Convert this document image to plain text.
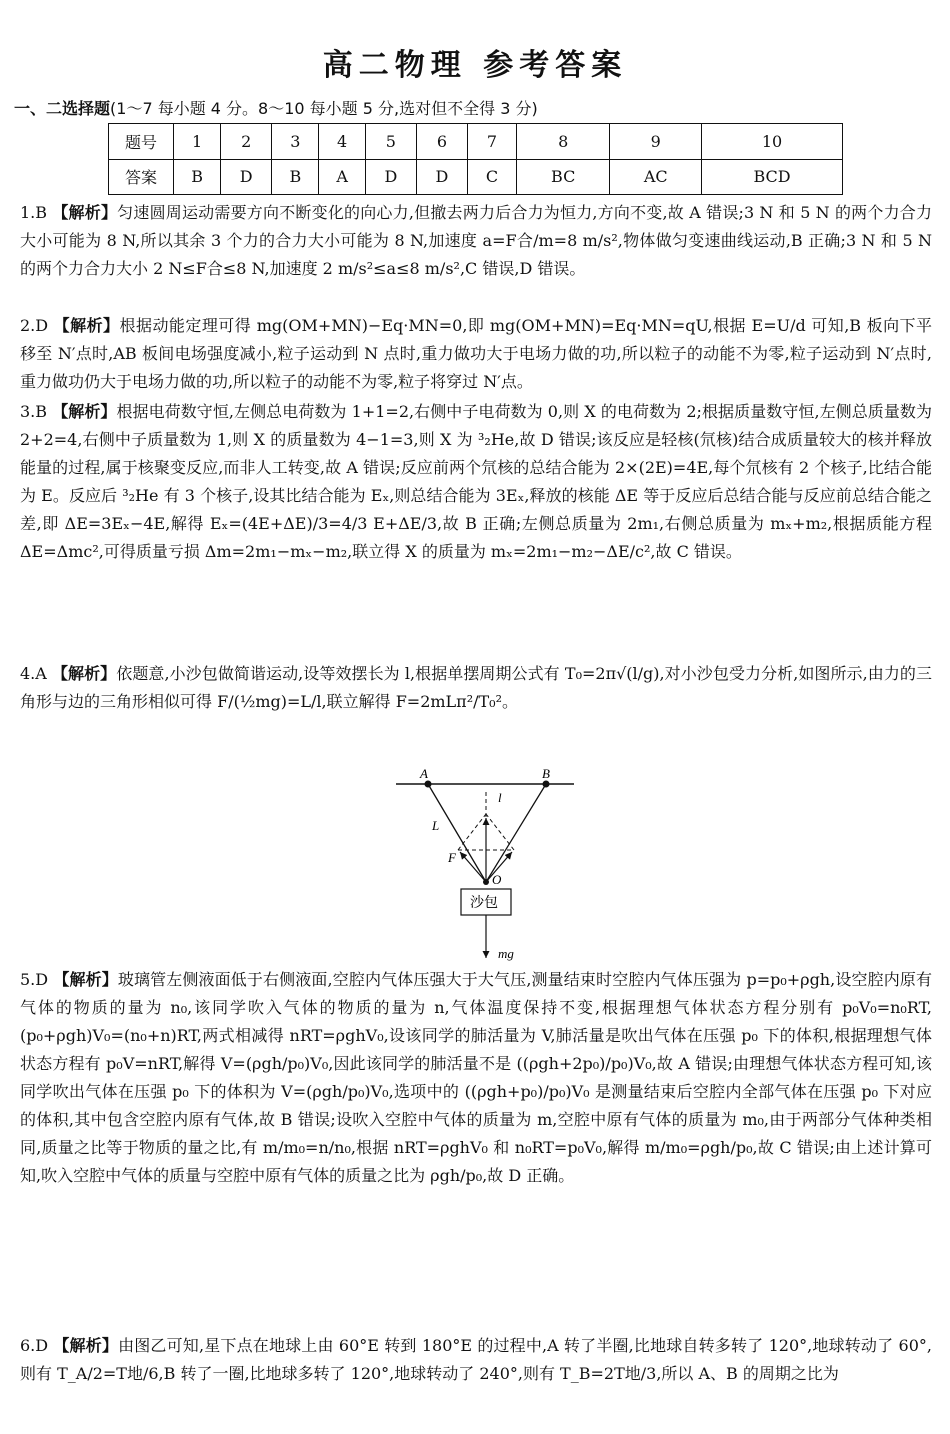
高二物理 参考答案
一、二选择题(1～7 每小题 4 分。8～10 每小题 5 分,选对但不全得 3 分)
题号	1	2	3	4	5	6	7	8	9	10
答案	B	D	B	A	D	D	C	BC	AC	BCD
1.B 【解析】匀速圆周运动需要方向不断变化的向心力,但撤去两力后合力为恒力,方向不变,故 A 错误;3 N 和 5 N 的两个力合力大小可能为 8 N,所以其余 3 个力的合力大小可能为 8 N,加速度 a=F合/m=8 m/s²,物体做匀变速曲线运动,B 正确;3 N 和 5 N 的两个力合力大小 2 N≤F合≤8 N,加速度 2 m/s²≤a≤8 m/s²,C 错误,D 错误。
2.D 【解析】根据动能定理可得 mg(OM+MN)−Eq·MN=0,即 mg(OM+MN)=Eq·MN=qU,根据 E=U/d 可知,B 板向下平移至 N′点时,AB 板间电场强度减小,粒子运动到 N 点时,重力做功大于电场力做的功,所以粒子的动能不为零,粒子运动到 N′点时,重力做功仍大于电场力做的功,所以粒子的动能不为零,粒子将穿过 N′点。
3.B 【解析】根据电荷数守恒,左侧总电荷数为 1+1=2,右侧中子电荷数为 0,则 X 的电荷数为 2;根据质量数守恒,左侧总质量数为 2+2=4,右侧中子质量数为 1,则 X 的质量数为 4−1=3,则 X 为 ³₂He,故 D 错误;该反应是轻核(氘核)结合成质量较大的核并释放能量的过程,属于核聚变反应,而非人工转变,故 A 错误;反应前两个氘核的总结合能为 2×(2E)=4E,每个氘核有 2 个核子,比结合能为 E。反应后 ³₂He 有 3 个核子,设其比结合能为 Eₓ,则总结合能为 3Eₓ,释放的核能 ΔE 等于反应后总结合能与反应前总结合能之差,即 ΔE=3Eₓ−4E,解得 Eₓ=(4E+ΔE)/3=4/3 E+ΔE/3,故 B 正确;左侧总质量为 2m₁,右侧总质量为 mₓ+m₂,根据质能方程 ΔE=Δmc²,可得质量亏损 Δm=2m₁−mₓ−m₂,联立得 X 的质量为 mₓ=2m₁−m₂−ΔE/c²,故 C 错误。
4.A 【解析】依题意,小沙包做简谐运动,设等效摆长为 l,根据单摆周期公式有 T₀=2π√(l/g),对小沙包受力分析,如图所示,由力的三角形与边的三角形相似可得 F/(½mg)=L/l,联立解得 F=2mLπ²/T₀²。
A	B
l
L
F
O
沙包
mg
5.D 【解析】玻璃管左侧液面低于右侧液面,空腔内气体压强大于大气压,测量结束时空腔内气体压强为 p=p₀+ρgh,设空腔内原有气体的物质的量为 n₀,该同学吹入气体的物质的量为 n,气体温度保持不变,根据理想气体状态方程分别有 p₀V₀=n₀RT,(p₀+ρgh)V₀=(n₀+n)RT,两式相减得 nRT=ρghV₀,设该同学的肺活量为 V,肺活量是吹出气体在压强 p₀ 下的体积,根据理想气体状态方程有 p₀V=nRT,解得 V=(ρgh/p₀)V₀,因此该同学的肺活量不是 ((ρgh+2p₀)/p₀)V₀,故 A 错误;由理想气体状态方程可知,该同学吹出气体在压强 p₀ 下的体积为 V=(ρgh/p₀)V₀,选项中的 ((ρgh+p₀)/p₀)V₀ 是测量结束后空腔内全部气体在压强 p₀ 下对应的体积,其中包含空腔内原有气体,故 B 错误;设吹入空腔中气体的质量为 m,空腔中原有气体的质量为 m₀,由于两部分气体种类相同,质量之比等于物质的量之比,有 m/m₀=n/n₀,根据 nRT=ρghV₀ 和 n₀RT=p₀V₀,解得 m/m₀=ρgh/p₀,故 C 错误;由上述计算可知,吹入空腔中气体的质量与空腔中原有气体的质量之比为 ρgh/p₀,故 D 正确。
6.D 【解析】由图乙可知,星下点在地球上由 60°E 转到 180°E 的过程中,A 转了半圈,比地球自转多转了 120°,地球转动了 60°,则有 T_A/2=T地/6,B 转了一圈,比地球多转了 120°,地球转动了 240°,则有 T_B=2T地/3,所以 A、B 的周期之比为
